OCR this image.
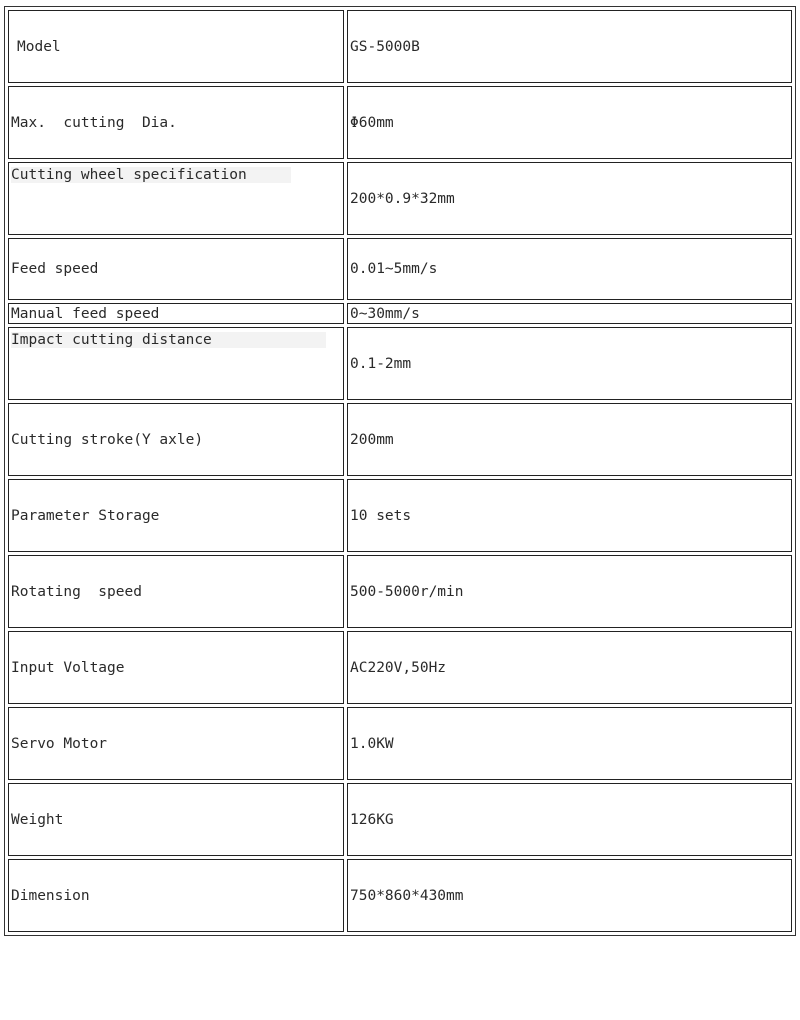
Model	GS-5000B
Max.  cutting  Dia.	Φ60mm
Cutting wheel specification	200*0.9*32mm
Feed speed	0.01~5mm/s
Manual feed speed	0~30mm/s
Impact cutting distance	0.1-2mm
Cutting stroke(Y axle)	200mm
Parameter Storage	10 sets
Rotating  speed	500-5000r/min
Input Voltage	AC220V,50Hz
Servo Motor	1.0KW
Weight	126KG
Dimension	750*860*430mm
